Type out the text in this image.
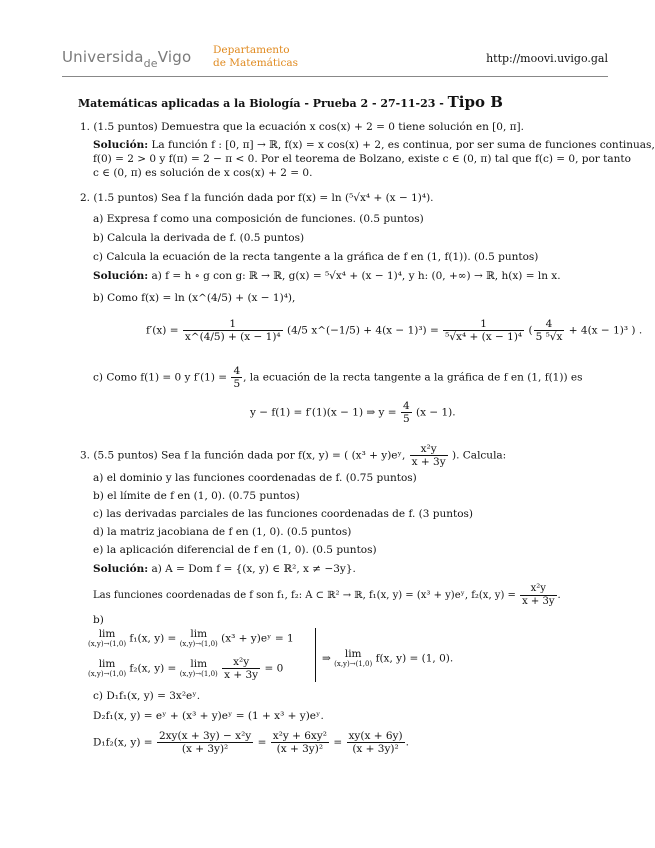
Universida$_{de}$Vigo Departamento
de Matemáticas	http://moovi.uvigo.gal
Matemáticas aplicadas a la Biología - Prueba 2 - 27-11-23 - Tipo B
1. (1.5 puntos) Demuestra que la ecuación x cos(x) + 2 = 0 tiene solución en [0, π].
Solución: La función f : [0, π] → ℝ, f(x) = x cos(x) + 2, es continua, por ser suma de funciones continuas,
f(0) = 2 > 0 y f(π) = 2 − π < 0. Por el teorema de Bolzano, existe c ∈ (0, π) tal que f(c) = 0, por tanto
c ∈ (0, π) es solución de x cos(x) + 2 = 0.
2. (1.5 puntos) Sea f la función dada por f(x) = ln (⁵√x⁴ + (x − 1)⁴).
a) Expresa f como una composición de funciones. (0.5 puntos)
b) Calcula la derivada de f. (0.5 puntos)
c) Calcula la ecuación de la recta tangente a la gráfica de f en (1, f(1)). (0.5 puntos)
Solución: a) f = h ∘ g con g: ℝ → ℝ, g(x) = ⁵√x⁴ + (x − 1)⁴, y h: (0, +∞) → ℝ, h(x) = ln x.
b) Como f(x) = ln (x^(4/5) + (x − 1)⁴),
$f'(x) = \frac{1}{\text{x\textasciicircum{}(4/5) + (x − 1)⁴}} (4/5$ x^(−1/5) + $4(x - 1)^3) = \frac{1}{\text{⁵√x⁴ + (x − 1)⁴}}$ ( $\frac{4}{\text{5 ⁵√x}} + 4(x - 1)^3$ ) .
c) Como f(1) = 0 y $f'(1) = \frac{4}{5}$ , la ecuación de la recta tangente a la gráfica de f en (1, f(1)) es
y − f(1) = f′(1)(x − 1) ⇒ $y = \frac{4}{5} (x - 1)$.
3. (5.5 puntos) Sea f la función dada por f(x, y) = ( (x³ + y)eʸ, $\frac{\text{x²y}}{x + 3y}$ ). Calcula:
a) el dominio y las funciones coordenadas de f. (0.75 puntos)
b) el límite de f en (1, 0). (0.75 puntos)
c) las derivadas parciales de las funciones coordenadas de f. (3 puntos)
d) la matriz jacobiana de f en (1, 0). (0.5 puntos)
e) la aplicación diferencial de f en (1, 0). (0.5 puntos)
Solución: a) A = Dom f = {(x, y) ∈ ℝ², x ≠ −3y}.
Las funciones coordenadas de f son f₁, f₂: A ⊂ ℝ² → ℝ, f₁(x, y) = (x³ + y)eʸ, f₂(x, $y) = \frac{\text{x²y}}{x + 3y}$ .
b)
lim
(x,y)→(1,0) f₁(x, y) =	lim
(x,y)→(1,0) (x³ + y)eʸ = 1
lim
(x,y)→(1,0) f₂(x, y) =	lim
(x,y)→(1,0)
$\frac{\text{x²y}}{x + 3y} = 0$
⇒	lim
(x,y)→(1,0) f(x, y) = (1, 0).
c) D₁f₁(x, y) = 3x²eʸ.
D₂f₁(x, y) = eʸ + (x³ + y)eʸ = (1 + x³ + y)eʸ.
D₁f₂(x, $y) = \frac{\text{2xy(x + 3y) − x²y}}{\text{(x + 3y)²}} = \frac{\text{x²y + 6xy²}}{\text{(x + 3y)²}} = \frac{xy(x + 6y)}{\text{(x + 3y)²}}$ .
